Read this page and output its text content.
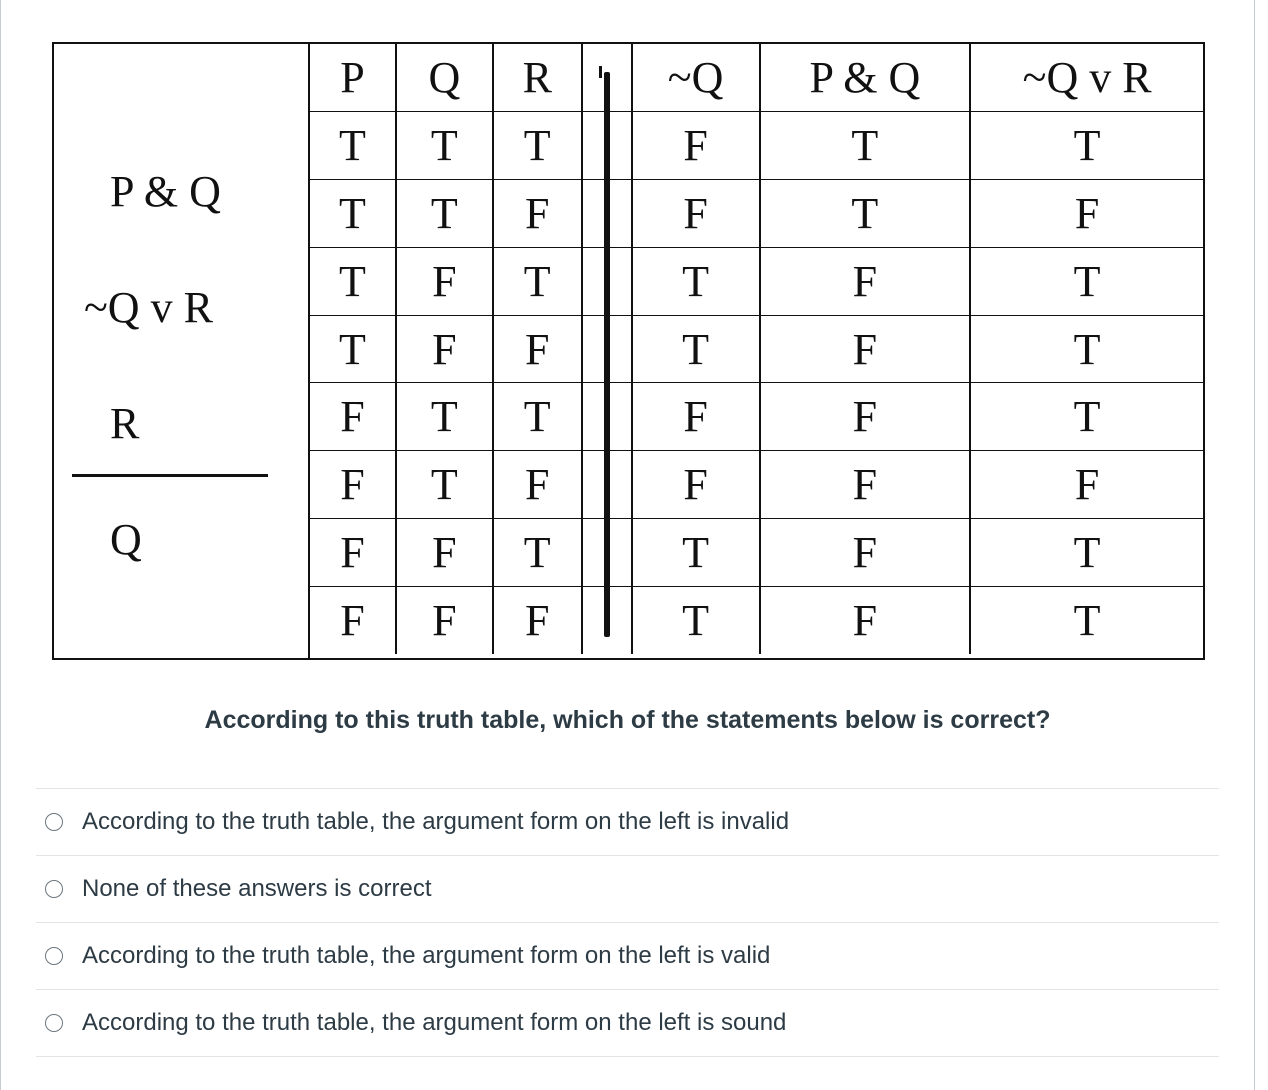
P & Q
~Q v R
R
Q
P	Q	R		~Q	P & Q	~Q v R
T	T	T		F	T	T
T	T	F		F	T	F
T	F	T		T	F	T
T	F	F		T	F	T
F	T	T		F	F	T
F	T	F		F	F	F
F	F	T		T	F	T
F	F	F		T	F	T
According to this truth table, which of the statements below is correct?
According to the truth table, the argument form on the left is invalid
None of these answers is correct
According to the truth table, the argument form on the left is valid
According to the truth table, the argument form on the left is sound
